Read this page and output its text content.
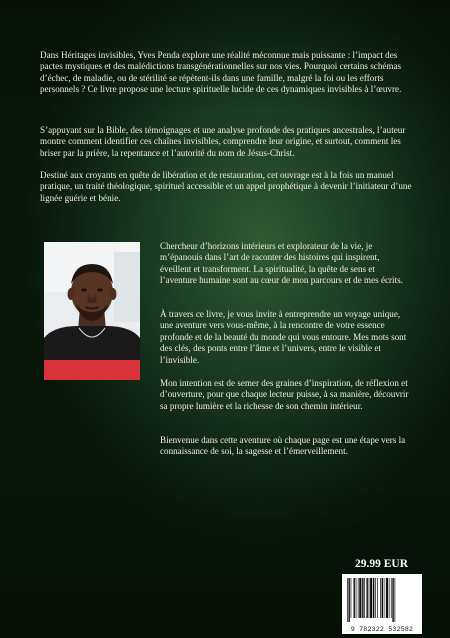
Dans Héritages invisibles, Yves Penda explore une réalité méconnue mais puissante : l’impact des pactes mystiques et des malédictions transgénérationnelles sur nos vies. Pourquoi certains schémas d’échec, de maladie, ou de stérilité se répètent-ils dans une famille, malgré la foi ou les efforts personnels ? Ce livre propose une lecture spirituelle lucide de ces dynamiques invisibles à l’œuvre.

S’appuyant sur la Bible, des témoignages et une analyse profonde des pratiques ancestrales, l’auteur montre comment identifier ces chaînes invisibles, comprendre leur origine, et surtout, comment les briser par la prière, la repentance et l’autorité du nom de Jésus-Christ.

Destiné aux croyants en quête de libération et de restauration, cet ouvrage est à la fois un manuel pratique, un traité théologique, spirituel accessible et un appel prophétique à devenir l’initiateur d’une lignée guérie et bénie.

Chercheur d’horizons intérieurs et explorateur de la vie, je m’épanouis dans l’art de raconter des histoires qui inspirent, éveillent et transforment. La spiritualité, la quête de sens et l’aventure humaine sont au cœur de mon parcours et de mes écrits.

À travers ce livre, je vous invite à entreprendre un voyage unique, une aventure vers vous-même, à la rencontre de votre essence profonde et de la beauté du monde qui vous entoure. Mes mots sont des clés, des ponts entre l’âme et l’univers, entre le visible et l’invisible.

Mon intention est de semer des graines d’inspiration, de réflexion et d’ouverture, pour que chaque lecteur puisse, à sa manière, découvrir sa propre lumière et la richesse de son chemin intérieur.

Bienvenue dans cette aventure où chaque page est une étape vers la connaissance de soi, la sagesse et l’émerveillement.

29.99 EUR
9 782322 532582
